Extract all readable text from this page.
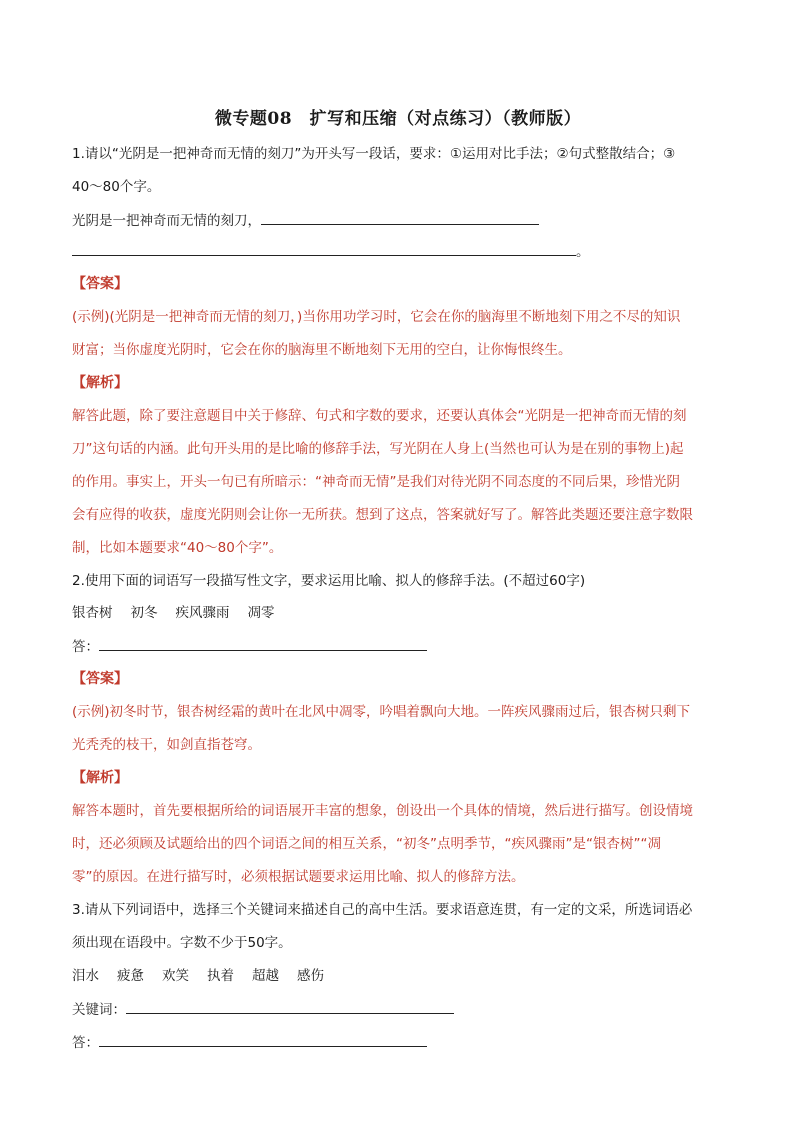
微专题08　扩写和压缩（对点练习）（教师版）
1.请以“光阴是一把神奇而无情的刻刀”为开头写一段话，要求：①运用对比手法；②句式整散结合；③
40～80个字。
光阴是一把神奇而无情的刻刀，
。
【答案】
(示例)(光阴是一把神奇而无情的刻刀，)当你用功学习时，它会在你的脑海里不断地刻下用之不尽的知识
财富；当你虚度光阴时，它会在你的脑海里不断地刻下无用的空白，让你悔恨终生。
【解析】
解答此题，除了要注意题目中关于修辞、句式和字数的要求，还要认真体会“光阴是一把神奇而无情的刻
刀”这句话的内涵。此句开头用的是比喻的修辞手法，写光阴在人身上(当然也可认为是在别的事物上)起
的作用。事实上，开头一句已有所暗示：“神奇而无情”是我们对待光阴不同态度的不同后果，珍惜光阴
会有应得的收获，虚度光阴则会让你一无所获。想到了这点，答案就好写了。解答此类题还要注意字数限
制，比如本题要求“40～80个字”。
2.使用下面的词语写一段描写性文字，要求运用比喻、拟人的修辞手法。(不超过60字)
银杏树 初冬 疾风骤雨 凋零
答：
【答案】
(示例)初冬时节，银杏树经霜的黄叶在北风中凋零，吟唱着飘向大地。一阵疾风骤雨过后，银杏树只剩下
光秃秃的枝干，如剑直指苍穹。
【解析】
解答本题时，首先要根据所给的词语展开丰富的想象，创设出一个具体的情境，然后进行描写。创设情境
时，还必须顾及试题给出的四个词语之间的相互关系，“初冬”点明季节，“疾风骤雨”是“银杏树”“凋
零”的原因。在进行描写时，必须根据试题要求运用比喻、拟人的修辞方法。
3.请从下列词语中，选择三个关键词来描述自己的高中生活。要求语意连贯，有一定的文采，所选词语必
须出现在语段中。字数不少于50字。
泪水 疲惫 欢笑 执着 超越 感伤
关键词：
答：
